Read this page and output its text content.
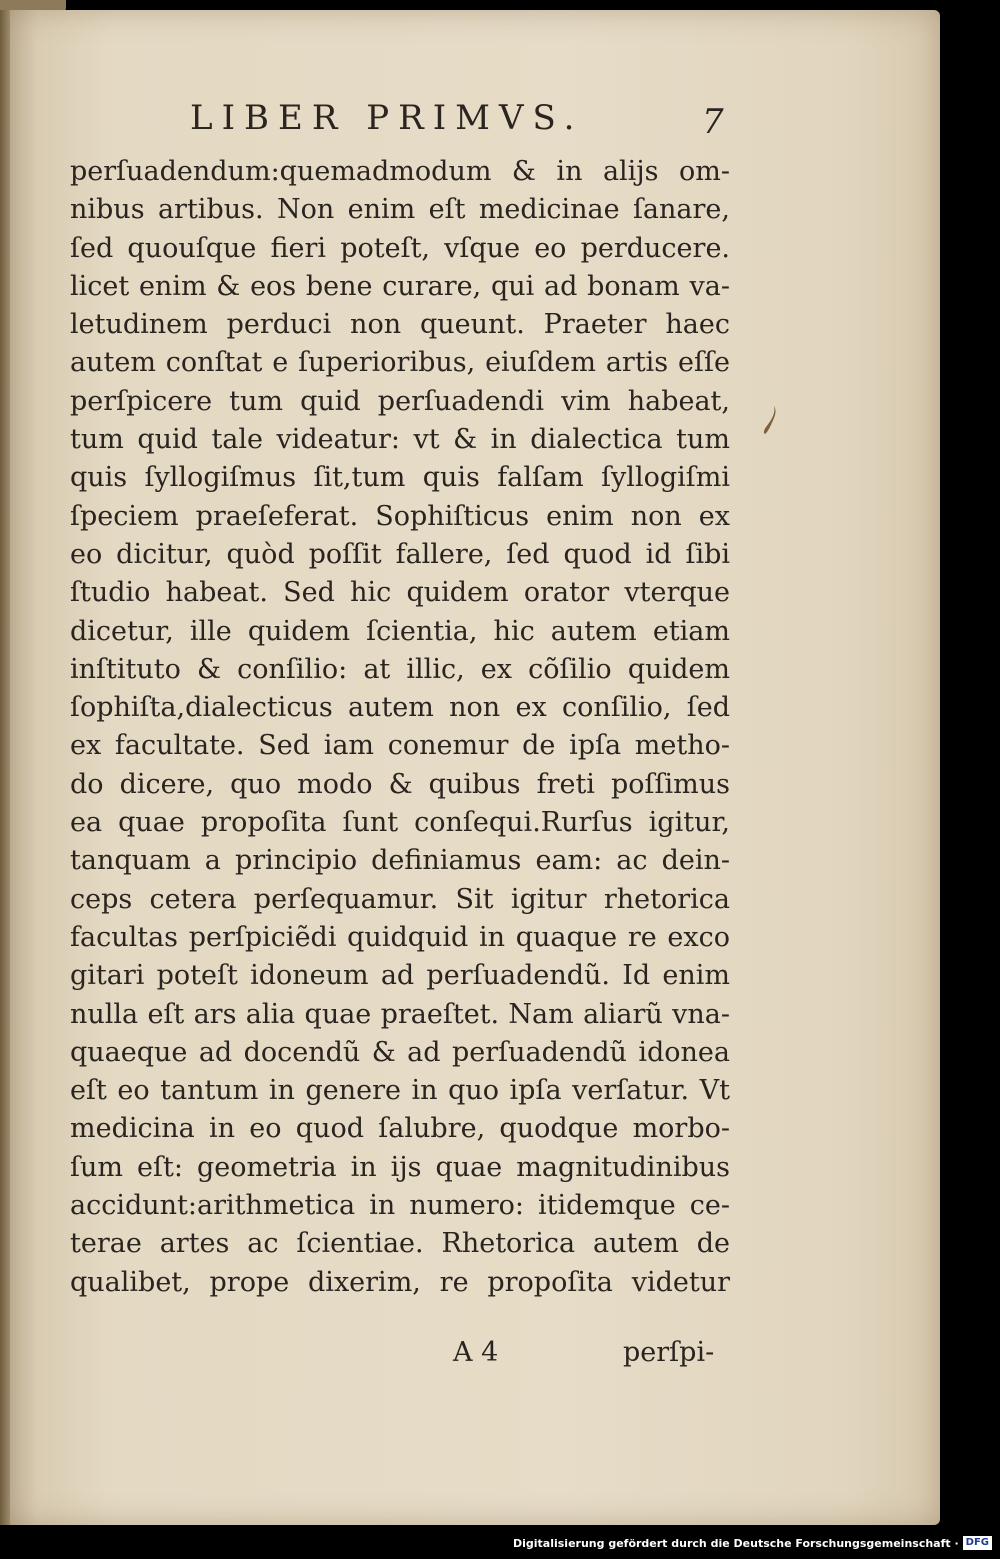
LIBER PRIMVS.	7
perſuadendum:quemadmodum & in alijs om-
nibus artibus. Non enim eſt medicinae ſanare,
ſed quouſque fieri poteſt, vſque eo perducere.
licet enim & eos bene curare, qui ad bonam va-
letudinem perduci non queunt. Praeter haec
autem conſtat e ſuperioribus, eiuſdem artis eſſe
perſpicere tum quid perſuadendi vim habeat,
tum quid tale videatur: vt & in dialectica tum
quis ſyllogiſmus ſit,tum quis falſam ſyllogiſmi
ſpeciem praeſeferat. Sophiſticus enim non ex
eo dicitur, quòd poſſit fallere, ſed quod id ſibi
ſtudio habeat. Sed hic quidem orator vterque
dicetur, ille quidem ſcientia, hic autem etiam
inſtituto & conſilio: at illic, ex cõſilio quidem
ſophiſta,dialecticus autem non ex conſilio, ſed
ex facultate. Sed iam conemur de ipſa metho-
do dicere, quo modo & quibus freti poſſimus
ea quae propoſita ſunt conſequi.Rurſus igitur,
tanquam a principio definiamus eam: ac dein-
ceps cetera perſequamur. Sit igitur rhetorica
facultas perſpiciẽdi quidquid in quaque re exco
gitari poteſt idoneum ad perſuadendũ. Id enim
nulla eſt ars alia quae praeſtet. Nam aliarũ vna-
quaeque ad docendũ & ad perſuadendũ idonea
eſt eo tantum in genere in quo ipſa verſatur. Vt
medicina in eo quod ſalubre, quodque morbo-
ſum eſt: geometria in ijs quae magnitudinibus
accidunt:arithmetica in numero: itidemque ce-
terae artes ac ſcientiae. Rhetorica autem de
qualibet, prope dixerim, re propoſita videtur
A 4	perſpi-
Digitalisierung gefördert durch die Deutsche Forschungsgemeinschaft · DFG
